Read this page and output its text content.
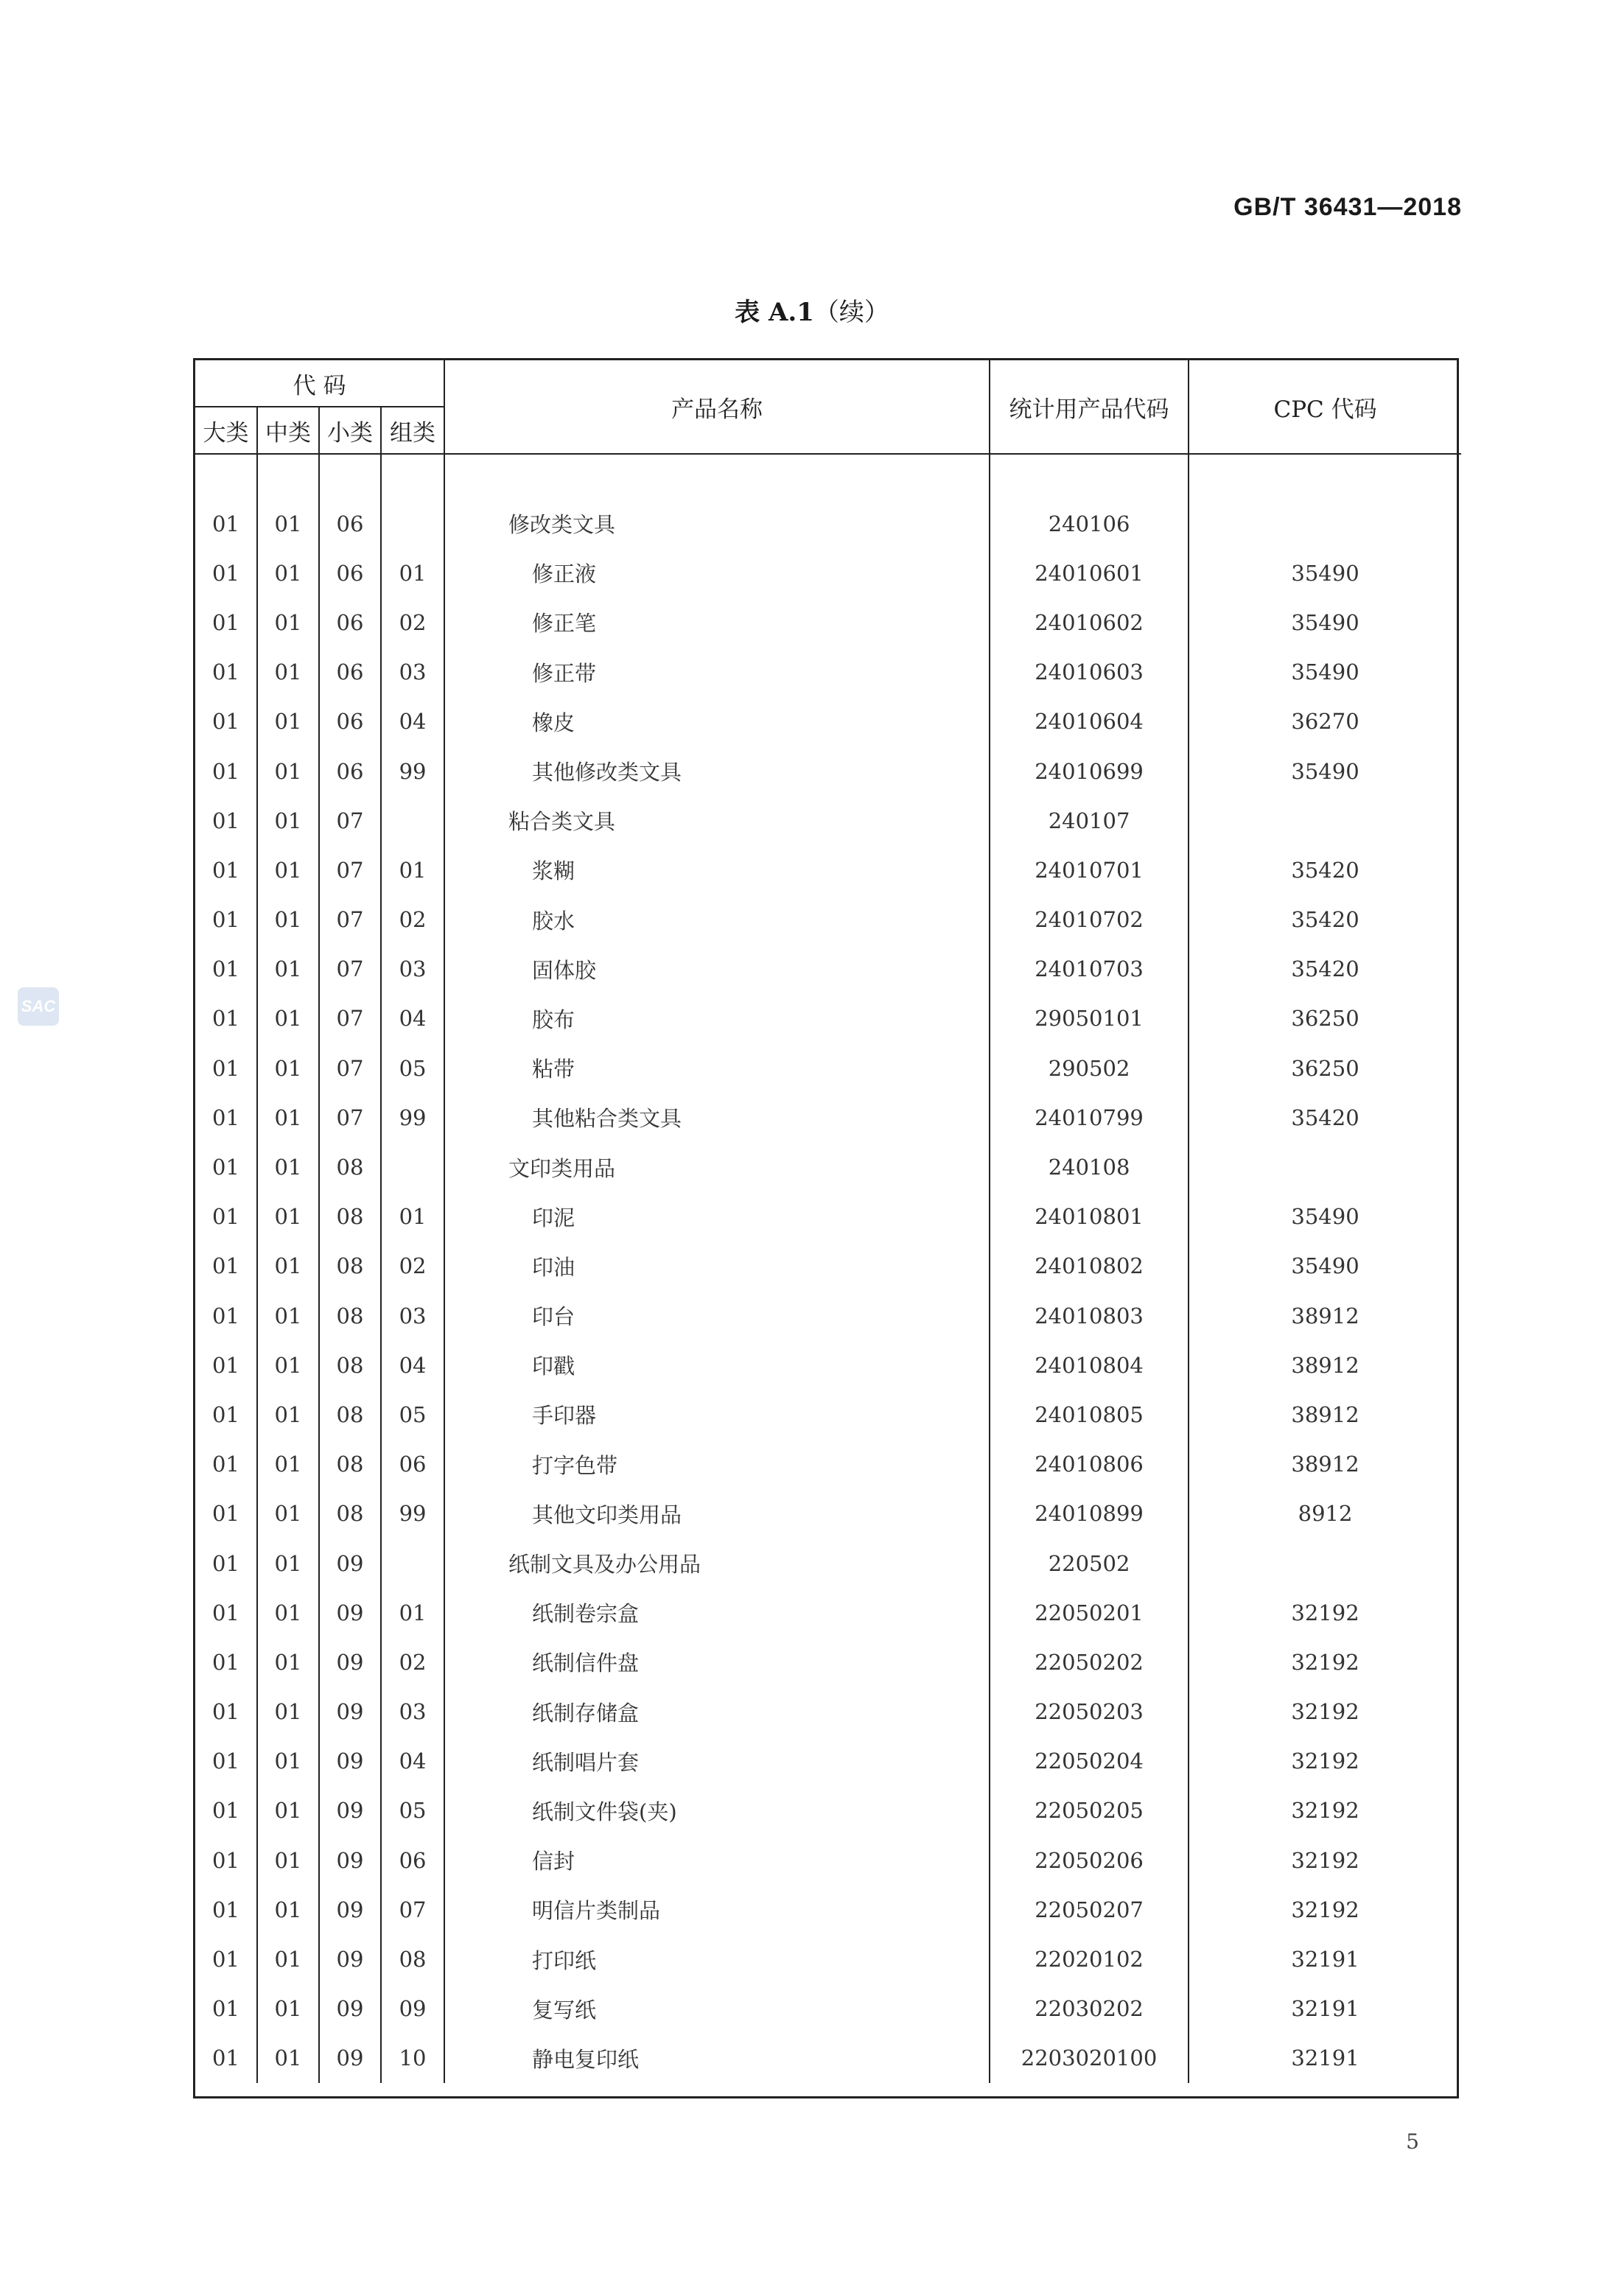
GB/T 36431—2018
表 A.1（续）
SAC
代 码				产品名称	统计用产品代码	CPC 代码
大类	中类	小类	组类			

01	01	06		修改类文具	240106	
01	01	06	01	修正液	24010601	35490
01	01	06	02	修正笔	24010602	35490
01	01	06	03	修正带	24010603	35490
01	01	06	04	橡皮	24010604	36270
01	01	06	99	其他修改类文具	24010699	35490
01	01	07		粘合类文具	240107	
01	01	07	01	浆糊	24010701	35420
01	01	07	02	胶水	24010702	35420
01	01	07	03	固体胶	24010703	35420
01	01	07	04	胶布	29050101	36250
01	01	07	05	粘带	290502	36250
01	01	07	99	其他粘合类文具	24010799	35420
01	01	08		文印类用品	240108	
01	01	08	01	印泥	24010801	35490
01	01	08	02	印油	24010802	35490
01	01	08	03	印台	24010803	38912
01	01	08	04	印戳	24010804	38912
01	01	08	05	手印器	24010805	38912
01	01	08	06	打字色带	24010806	38912
01	01	08	99	其他文印类用品	24010899	8912
01	01	09		纸制文具及办公用品	220502	
01	01	09	01	纸制卷宗盒	22050201	32192
01	01	09	02	纸制信件盘	22050202	32192
01	01	09	03	纸制存储盒	22050203	32192
01	01	09	04	纸制唱片套	22050204	32192
01	01	09	05	纸制文件袋(夹)	22050205	32192
01	01	09	06	信封	22050206	32192
01	01	09	07	明信片类制品	22050207	32192
01	01	09	08	打印纸	22020102	32191
01	01	09	09	复写纸	22030202	32191
01	01	09	10	静电复印纸	2203020100	32191
5
